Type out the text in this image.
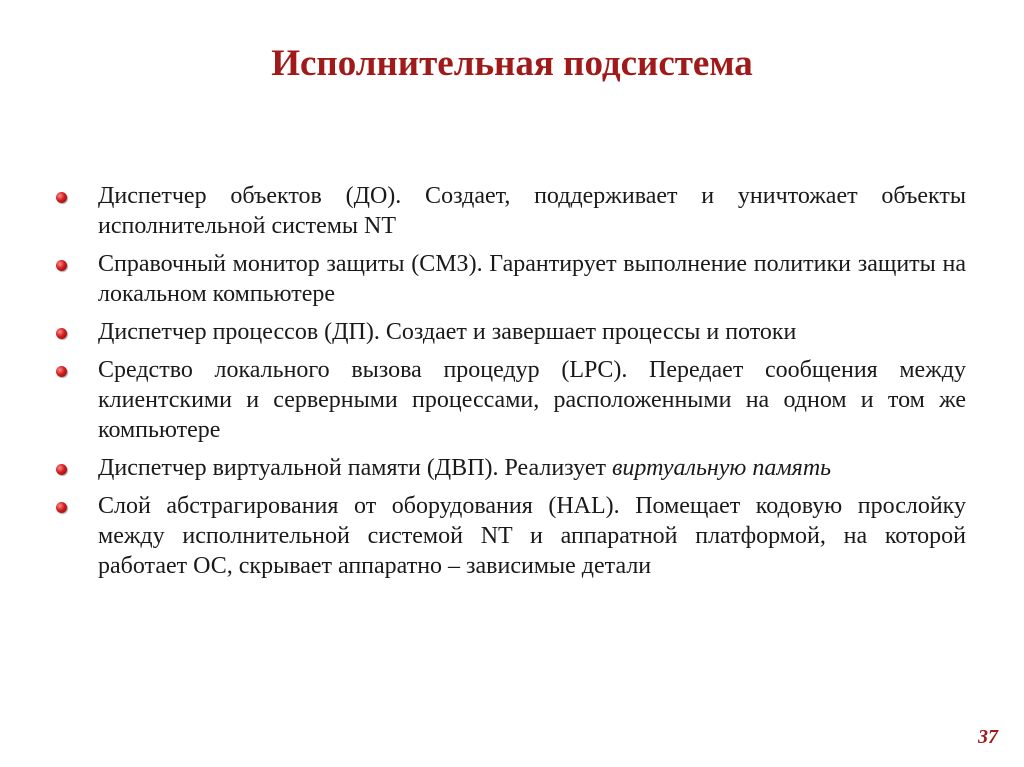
Исполнительная подсистема
Диспетчер объектов (ДО). Создает, поддерживает и уничтожает объекты исполнительной системы NT
Справочный монитор защиты (СМЗ). Гарантирует выполнение политики защиты на локальном компьютере
Диспетчер процессов (ДП). Создает и завершает процессы и потоки
Средство локального вызова процедур (LPC). Передает сообщения между клиентскими и серверными процессами, расположенными на одном и том же компьютере
Диспетчер виртуальной памяти (ДВП). Реализует виртуальную память
Слой абстрагирования от оборудования (HAL). Помещает кодовую прослойку между исполнительной системой NT и аппаратной платформой, на которой работает ОС, скрывает аппаратно – зависимые детали
37
